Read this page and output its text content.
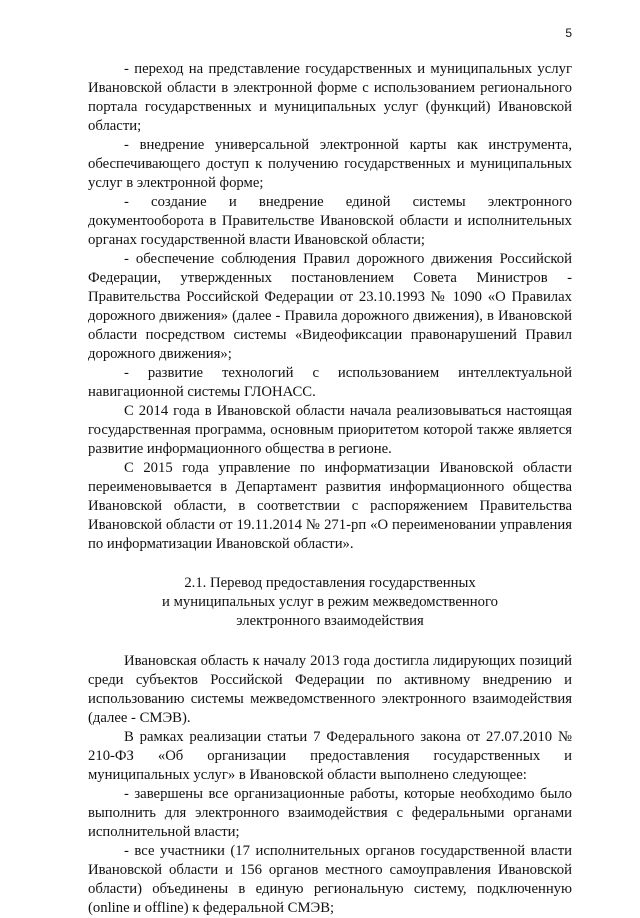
5

- переход на представление государственных и муниципальных услуг Ивановской области в электронной форме с использованием регионального портала государственных и муниципальных услуг (функций) Ивановской области;

- внедрение универсальной электронной карты как инструмента, обеспечивающего доступ к получению государственных и муниципальных услуг в электронной форме;

- создание и внедрение единой системы электронного документооборота в Правительстве Ивановской области и исполнительных органах государственной власти Ивановской области;

- обеспечение соблюдения Правил дорожного движения Российской Федерации, утвержденных постановлением Совета Министров - Правительства Российской Федерации от 23.10.1993 № 1090 «О Правилах дорожного движения» (далее - Правила дорожного движения), в Ивановской области посредством системы «Видеофиксации правонарушений Правил дорожного движения»;

- развитие технологий с использованием интеллектуальной навигационной системы ГЛОНАСС.

С 2014 года в Ивановской области начала реализовываться настоящая государственная программа, основным приоритетом которой также является развитие информационного общества в регионе.

С 2015 года управление по информатизации Ивановской области переименовывается в Департамент развития информационного общества Ивановской области, в соответствии с распоряжением Правительства Ивановской области от 19.11.2014 № 271-рп «О переименовании управления по информатизации Ивановской области».

2.1. Перевод предоставления государственных
и муниципальных услуг в режим межведомственного
электронного взаимодействия

Ивановская область к началу 2013 года достигла лидирующих позиций среди субъектов Российской Федерации по активному внедрению и использованию системы межведомственного электронного взаимодействия (далее - СМЭВ).

В рамках реализации статьи 7 Федерального закона от 27.07.2010 № 210-ФЗ «Об организации предоставления государственных и муниципальных услуг» в Ивановской области выполнено следующее:

- завершены все организационные работы, которые необходимо было выполнить для электронного взаимодействия с федеральными органами исполнительной власти;

- все участники (17 исполнительных органов государственной власти Ивановской области и 156 органов местного самоуправления Ивановской области) объединены в единую региональную систему, подключенную (online и offline) к федеральной СМЭВ;
